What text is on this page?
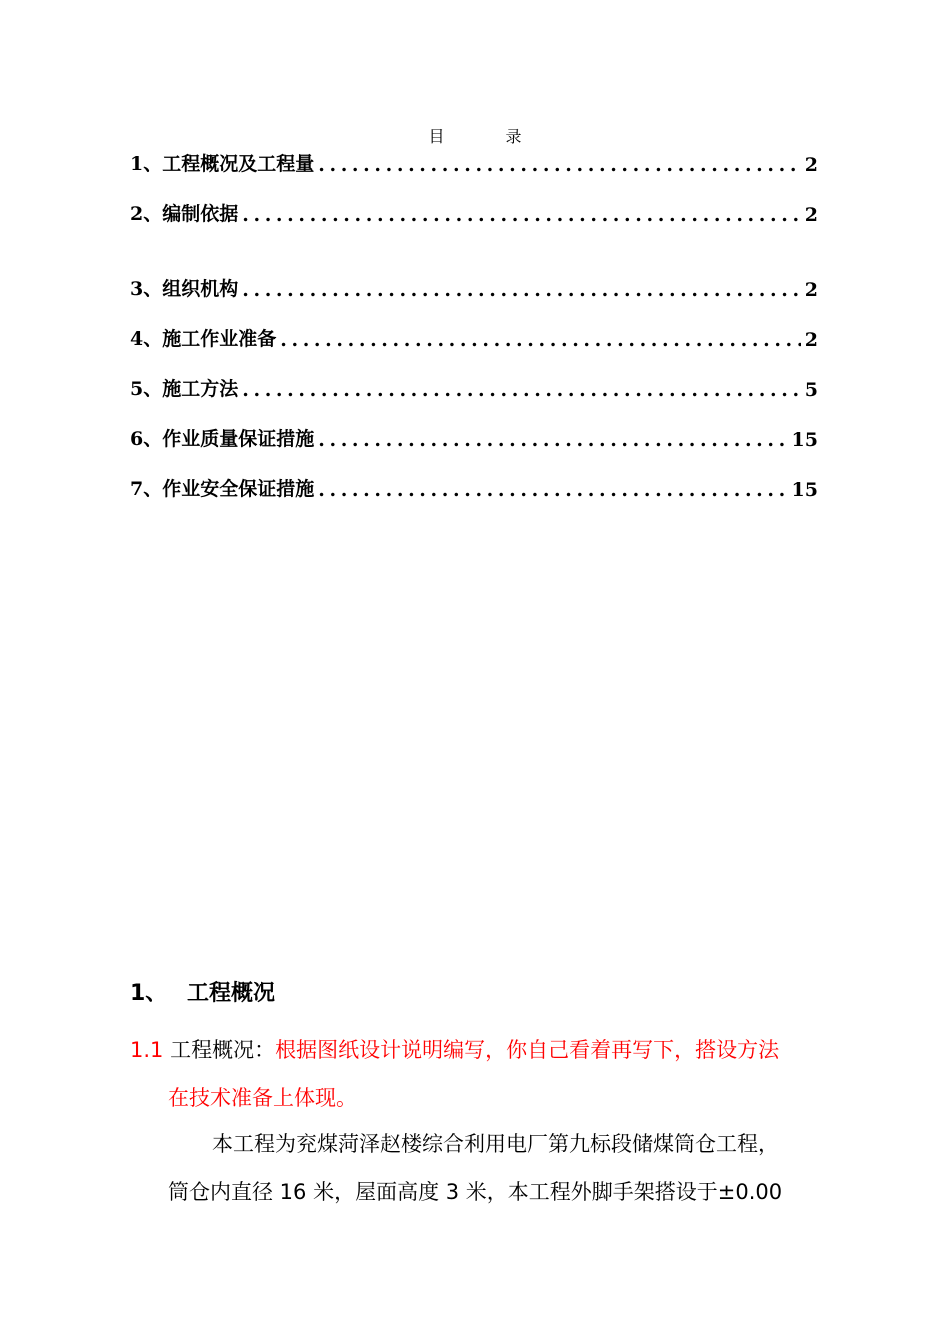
目 录
1、工程概况及工程量 . . .	2
2、编制依据 . . .	2
3、组织机构 . . .	2
4、施工作业准备 . . .	2
5、施工方法 . . .	5
6、作业质量保证措施 . . .	15
7、作业安全保证措施 . . .	15
1、 工程概况
1.1 工程概况：根据图纸设计说明编写，你自己看着再写下，搭设方法
在技术准备上体现。
本工程为兖煤菏泽赵楼综合利用电厂第九标段储煤筒仓工程，
筒仓内直径 16 米，屋面高度 3 米，本工程外脚手架搭设于±0.00
